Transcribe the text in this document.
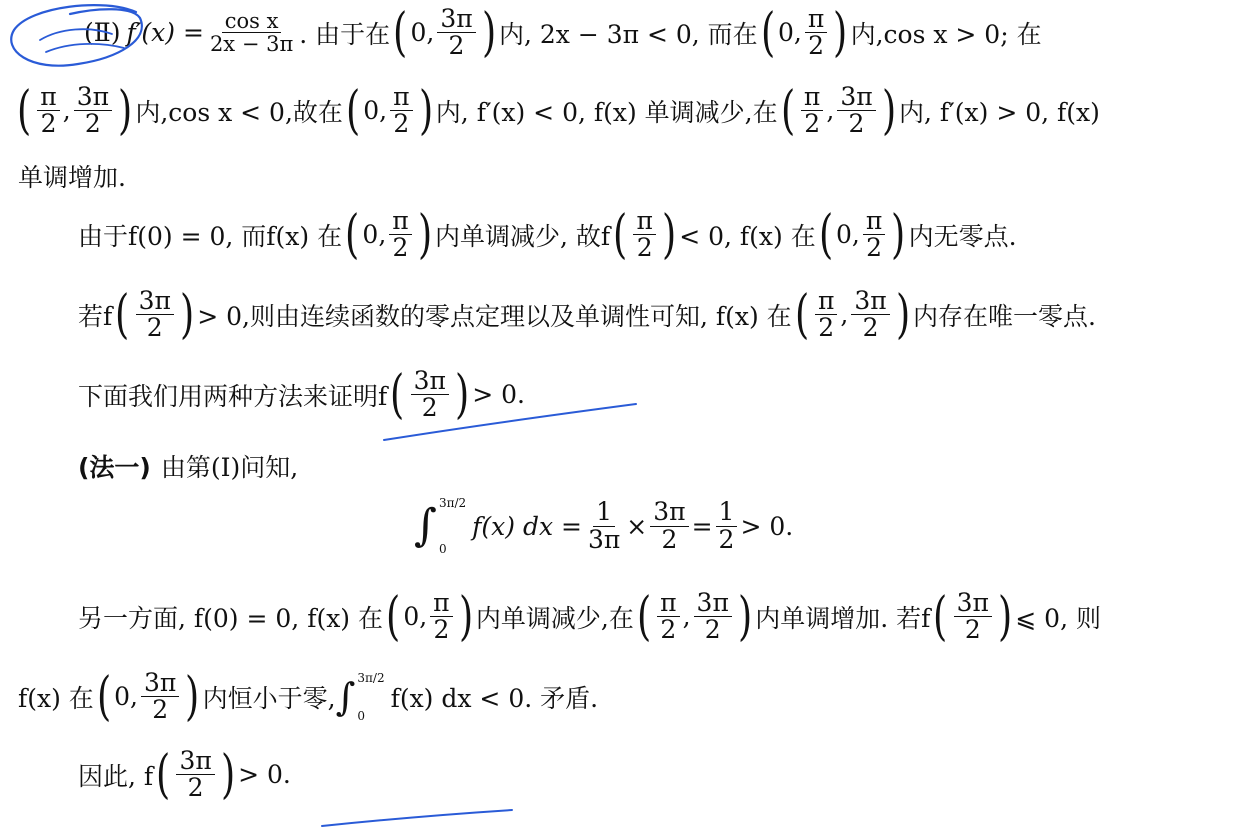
(Ⅱ) $f'(x) = \frac{\text{cos x}}{2x - 3\pi}$ . 由于在 ( 0, $\frac{3\pi}{2}$ ) 内, 2x − 3π < 0, 而在 ( 0, $\frac{\pi}{2}$ ) 内,cos x > 0; 在
( $\frac{\pi}{2}$ , $\frac{3\pi}{2}$ ) 内,cos x < 0,故在 ( 0, $\frac{\pi}{2}$ ) 内, f′(x) < 0, f(x) 单调减少,在 ( $\frac{\pi}{2}$ , $\frac{3\pi}{2}$ ) 内, f′(x) > 0, f(x)
单调增加.
由于f(0) = 0, 而f(x) 在 ( 0, $\frac{\pi}{2}$ ) 内单调减少, 故f ( $\frac{\pi}{2}$ ) < 0, f(x) 在 ( 0, $\frac{\pi}{2}$ ) 内无零点.
若f ( $\frac{3\pi}{2}$ ) > 0,则由连续函数的零点定理以及单调性可知, f(x) 在 ( $\frac{\pi}{2}$ , $\frac{3\pi}{2}$ ) 内存在唯一零点.
下面我们用两种方法来证明f ( $\frac{3\pi}{2}$ ) > 0.
(法一) 由第(Ⅰ)问知,
∫ 3π/2
0
f(x) dx = $\frac{1}{3\pi} \times \frac{3\pi}{2} = \frac{1}{2} > 0$.
另一方面, f(0) = 0, f(x) 在 ( 0, $\frac{\pi}{2}$ ) 内单调减少,在 ( $\frac{\pi}{2}$ , $\frac{3\pi}{2}$ ) 内单调增加. 若f ( $\frac{3\pi}{2}$ ) ⩽ 0, 则
f(x) 在 ( 0, $\frac{3\pi}{2}$ ) 内恒小于零, ∫ 3π/2
0
f(x) dx < 0. 矛盾.
因此, f ( $\frac{3\pi}{2}$ ) > 0.
